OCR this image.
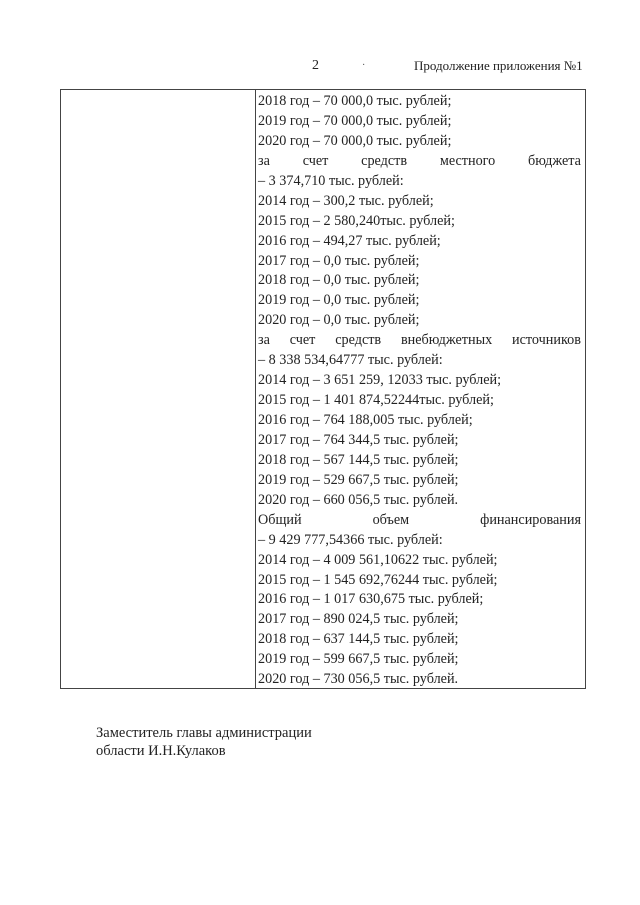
2	·	Продолжение приложения №1
2018 год – 70 000,0 тыс. рублей;
2019 год – 70 000,0 тыс. рублей;
2020 год – 70 000,0 тыс. рублей;
за счет средств местного бюджета
– 3 374,710 тыс. рублей:
2014 год – 300,2 тыс. рублей;
2015 год – 2 580,240тыс. рублей;
2016 год – 494,27 тыс. рублей;
2017 год – 0,0 тыс. рублей;
2018 год – 0,0 тыс. рублей;
2019 год – 0,0 тыс. рублей;
2020 год – 0,0 тыс. рублей;
за счет средств внебюджетных источников
– 8 338 534,64777 тыс. рублей:
2014 год – 3 651 259, 12033 тыс. рублей;
2015 год – 1 401 874,52244тыс. рублей;
2016 год – 764 188,005 тыс. рублей;
2017 год – 764 344,5 тыс. рублей;
2018 год – 567 144,5 тыс. рублей;
2019 год – 529 667,5 тыс. рублей;
2020 год – 660 056,5 тыс. рублей.
Общий	объем	финансирования
– 9 429 777,54366 тыс. рублей:
2014 год – 4 009 561,10622 тыс. рублей;
2015 год – 1 545 692,76244 тыс. рублей;
2016 год – 1 017 630,675 тыс. рублей;
2017 год – 890 024,5 тыс. рублей;
2018 год – 637 144,5 тыс. рублей;
2019 год – 599 667,5 тыс. рублей;
2020 год – 730 056,5 тыс. рублей.
Заместитель главы администрации
области И.Н.Кулаков
